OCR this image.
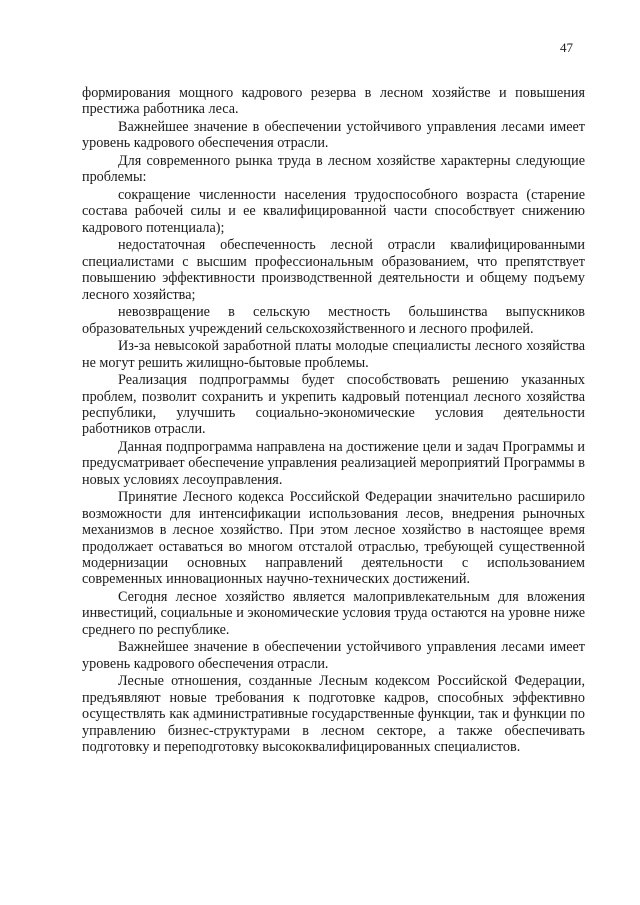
47

формирования мощного кадрового резерва в лесном хозяйстве и повышения престижа работника леса.

Важнейшее значение в обеспечении устойчивого управления лесами имеет уровень кадрового обеспечения отрасли.

Для современного рынка труда в лесном хозяйстве характерны следующие проблемы:

сокращение численности населения трудоспособного возраста (старение состава рабочей силы и ее квалифицированной части способствует снижению кадрового потенциала);

недостаточная обеспеченность лесной отрасли квалифицированными специалистами с высшим профессиональным образованием, что препятствует повышению эффективности производственной деятельности и общему подъему лесного хозяйства;

невозвращение в сельскую местность большинства выпускников образовательных учреждений сельскохозяйственного и лесного профилей.

Из-за невысокой заработной платы молодые специалисты лесного хозяйства не могут решить жилищно-бытовые проблемы.

Реализация подпрограммы будет способствовать решению указанных проблем, позволит сохранить и укрепить кадровый потенциал лесного хозяйства республики, улучшить социально-экономические условия деятельности работников отрасли.

Данная подпрограмма направлена на достижение цели и задач Программы и предусматривает обеспечение управления реализацией мероприятий Программы в новых условиях лесоуправления.

Принятие Лесного кодекса Российской Федерации значительно расширило возможности для интенсификации использования лесов, внедрения рыночных механизмов в лесное хозяйство. При этом лесное хозяйство в настоящее время продолжает оставаться во многом отсталой отраслью, требующей существенной модернизации основных направлений деятельности с использованием современных инновационных научно-технических достижений.

Сегодня лесное хозяйство является малопривлекательным для вложения инвестиций, социальные и экономические условия труда остаются на уровне ниже среднего по республике.

Важнейшее значение в обеспечении устойчивого управления лесами имеет уровень кадрового обеспечения отрасли.

Лесные отношения, созданные Лесным кодексом Российской Федерации, предъявляют новые требования к подготовке кадров, способных эффективно осуществлять как административные государственные функции, так и функции по управлению бизнес-структурами в лесном секторе, а также обеспечивать подготовку и переподготовку высококвалифицированных специалистов.
